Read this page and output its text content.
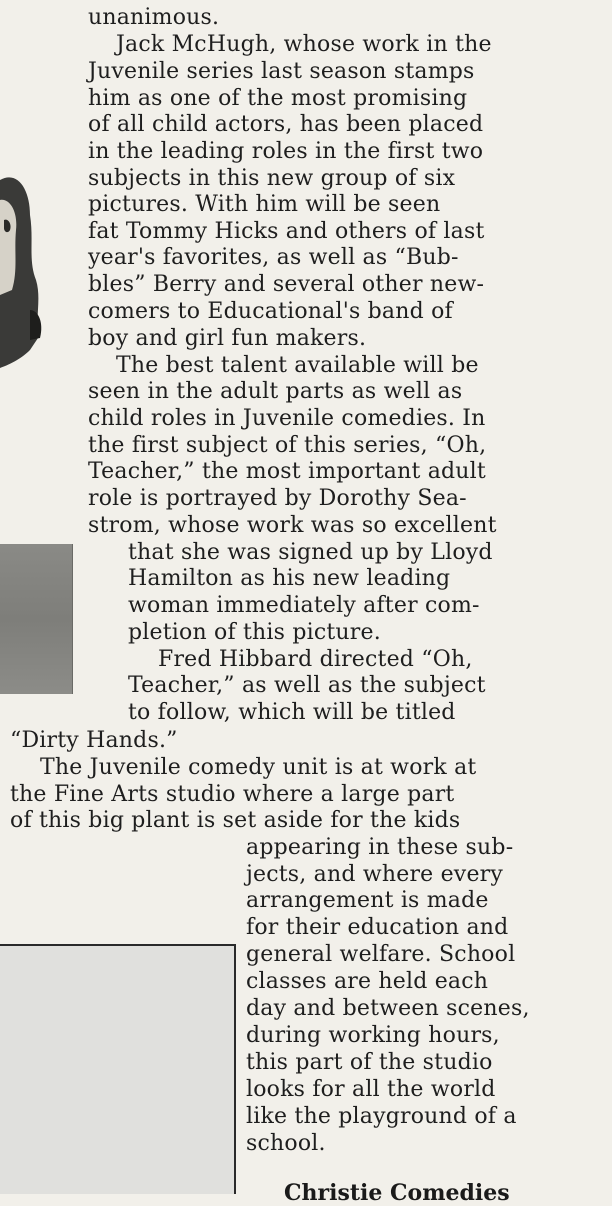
unanimous.
Jack McHugh, whose work in the
Juvenile series last season stamps
him as one of the most promising
of all child actors, has been placed
in the leading roles in the first two
subjects in this new group of six
pictures. With him will be seen
fat Tommy Hicks and others of last
year's favorites, as well as “Bub-
bles” Berry and several other new-
comers to Educational's band of
boy and girl fun makers.
The best talent available will be
seen in the adult parts as well as
child roles in Juvenile comedies. In
the first subject of this series, “Oh,
Teacher,” the most important adult
role is portrayed by Dorothy Sea-
strom, whose work was so excellent
that she was signed up by Lloyd
Hamilton as his new leading
woman immediately after com-
pletion of this picture.
Fred Hibbard directed “Oh,
Teacher,” as well as the subject
to follow, which will be titled
“Dirty Hands.”
The Juvenile comedy unit is at work at
the Fine Arts studio where a large part
of this big plant is set aside for the kids
appearing in these sub-
jects, and where every
arrangement is made
for their education and
general welfare. School
classes are held each
day and between scenes,
during working hours,
this part of the studio
looks for all the world
like the playground of a
school.
Christie Comedies
